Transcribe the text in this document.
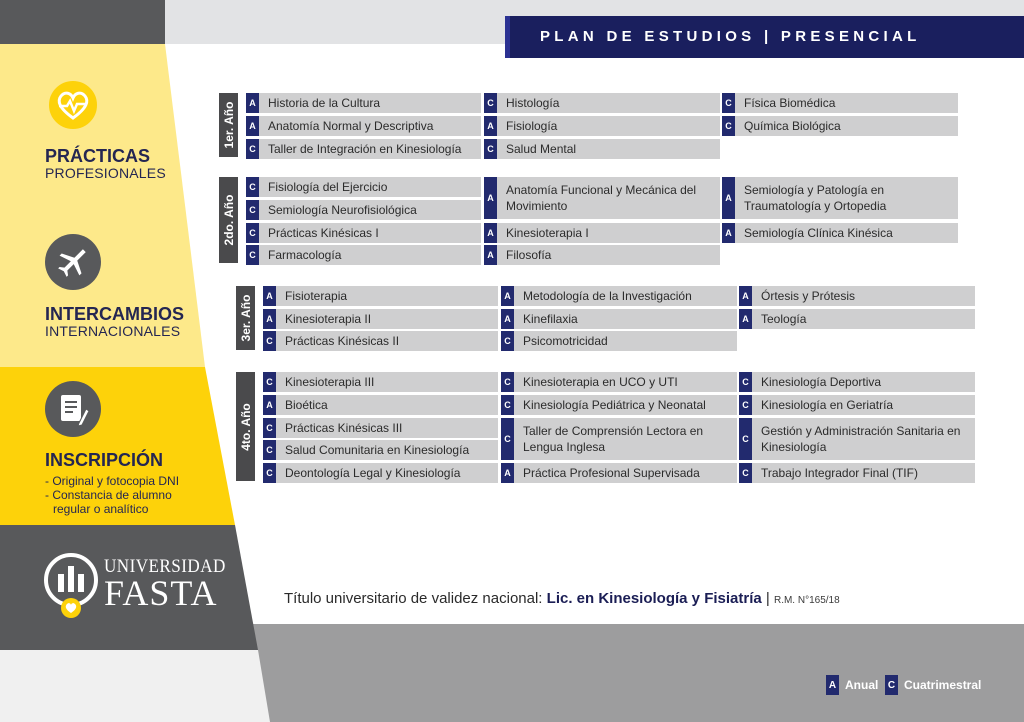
PLAN DE ESTUDIOS | PRESENCIAL
PRÁCTICAS
PROFESIONALES
INTERCAMBIOS
INTERNACIONALES
INSCRIPCIÓN
- Original y fotocopia DNI
- Constancia de alumno
regular o analítico
UNIVERSIDAD
FASTA
1er. Año	A Historia de la Cultura
A Anatomía Normal y Descriptiva
C Taller de Integración en Kinesiología
C Histología
A Fisiología
C Salud Mental
C Física Biomédica
C Química Biológica
2do. Año
C Fisiología del Ejercicio
C Semiología Neurofisiológica
C Prácticas Kinésicas I
C Farmacología
A
Anatomía Funcional y Mecánica del Movimiento
A Kinesioterapia I
A Filosofía
A
Semiología y Patología en Traumatología y Ortopedia
A Semiología Clínica Kinésica
3er. Año	A Fisioterapia
A Kinesioterapia II
C Prácticas Kinésicas II
A Metodología de la Investigación
A Kinefilaxia
C Psicomotricidad
A Órtesis y Prótesis
A Teología
4to. Año
C Kinesioterapia III
A Bioética
C Prácticas Kinésicas III
C Salud Comunitaria en Kinesiología
C Deontología Legal y Kinesiología
C Kinesioterapia en UCO y UTI
C Kinesiología Pediátrica y Neonatal
C
Taller de Comprensión Lectora en Lengua Inglesa
A Práctica Profesional Supervisada
C Kinesiología Deportiva
C Kinesiología en Geriatría
C
Gestión y Administración Sanitaria en Kinesiología
C Trabajo Integrador Final (TIF)
Título universitario de validez nacional: Lic. en Kinesiología y Fisiatría | R.M. N°165/18
A Anual C Cuatrimestral
